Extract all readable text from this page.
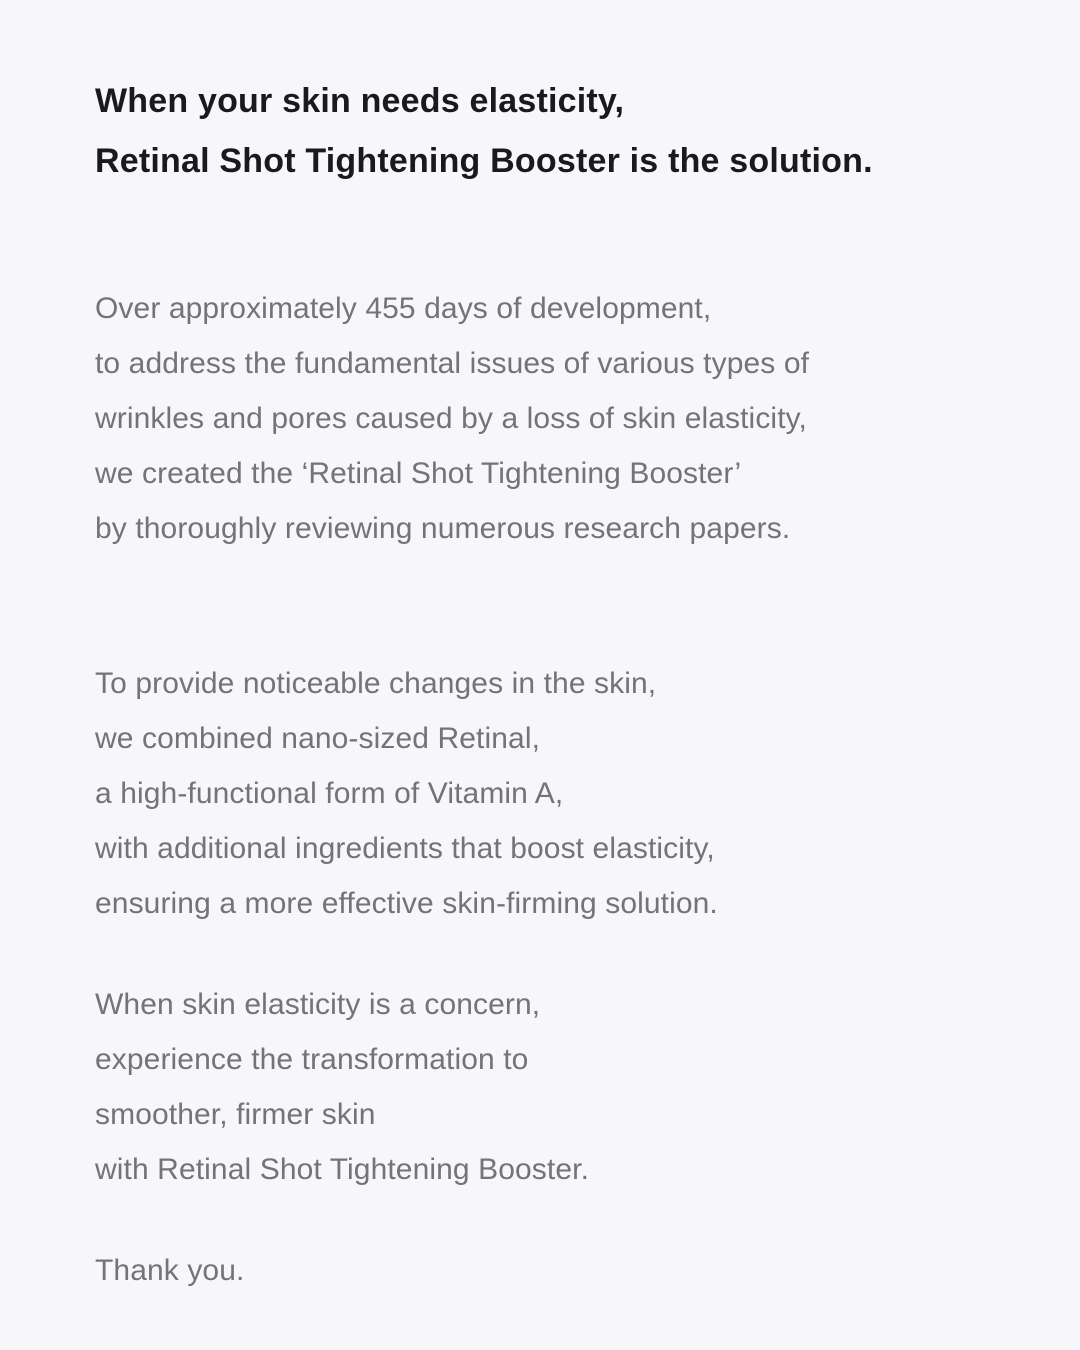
When your skin needs elasticity,
Retinal Shot Tightening Booster is the solution.

Over approximately 455 days of development,
to address the fundamental issues of various types of
wrinkles and pores caused by a loss of skin elasticity,
we created the ‘Retinal Shot Tightening Booster’
by thoroughly reviewing numerous research papers.

To provide noticeable changes in the skin,
we combined nano-sized Retinal,
a high-functional form of Vitamin A,
with additional ingredients that boost elasticity,
ensuring a more effective skin-firming solution.

When skin elasticity is a concern,
experience the transformation to
smoother, firmer skin
with Retinal Shot Tightening Booster.

Thank you.
